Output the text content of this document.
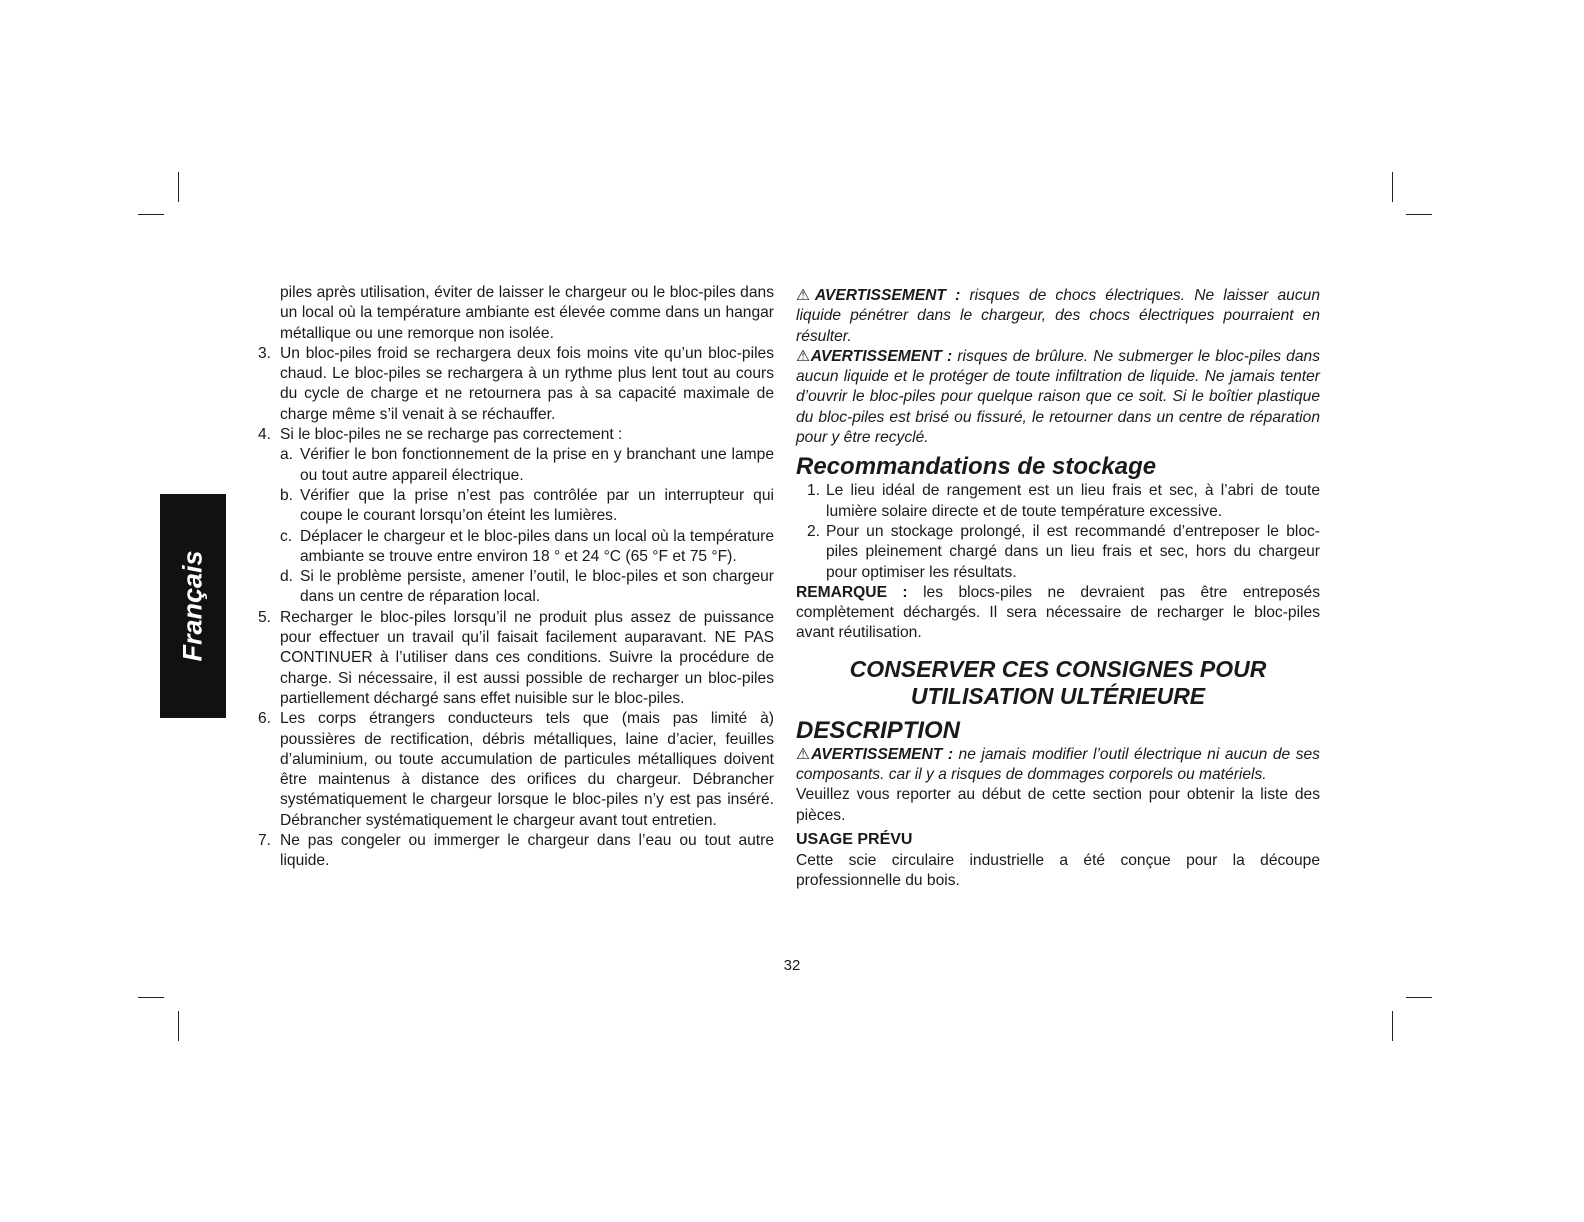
Français
piles après utilisation, éviter de laisser le chargeur ou le bloc-piles dans un local où la température ambiante est élevée comme dans un hangar métallique ou une remorque non isolée.
3. Un bloc-piles froid se rechargera deux fois moins vite qu’un bloc-piles chaud. Le bloc-piles se rechargera à un rythme plus lent tout au cours du cycle de charge et ne retournera pas à sa capacité maximale de charge même s’il venait à se réchauffer.
4. Si le bloc-piles ne se recharge pas correctement :
a. Vérifier le bon fonctionnement de la prise en y branchant une lampe ou tout autre appareil électrique.
b. Vérifier que la prise n’est pas contrôlée par un interrupteur qui coupe le courant lorsqu’on éteint les lumières.
c. Déplacer le chargeur et le bloc-piles dans un local où la température ambiante se trouve entre environ 18 ° et 24 °C (65 °F et 75 °F).
d. Si le problème persiste, amener l’outil, le bloc-piles et son chargeur dans un centre de réparation local.
5. Recharger le bloc-piles lorsqu’il ne produit plus assez de puissance pour effectuer un travail qu’il faisait facilement auparavant. NE PAS CONTINUER à l’utiliser dans ces conditions. Suivre la procédure de charge. Si nécessaire, il est aussi possible de recharger un bloc-piles partiellement déchargé sans effet nuisible sur le bloc-piles.
6. Les corps étrangers conducteurs tels que (mais pas limité à) poussières de rectification, débris métalliques, laine d’acier, feuilles d’aluminium, ou toute accumulation de particules métalliques doivent être maintenus à distance des orifices du chargeur. Débrancher systématiquement le chargeur lorsque le bloc-piles n’y est pas inséré. Débrancher systématiquement le chargeur avant tout entretien.
7. Ne pas congeler ou immerger le chargeur dans l’eau ou tout autre liquide.
⚠AVERTISSEMENT : risques de chocs électriques. Ne laisser aucun liquide pénétrer dans le chargeur, des chocs électriques pourraient en résulter.
⚠AVERTISSEMENT : risques de brûlure. Ne submerger le bloc-piles dans aucun liquide et le protéger de toute infiltration de liquide. Ne jamais tenter d’ouvrir le bloc-piles pour quelque raison que ce soit. Si le boîtier plastique du bloc-piles est brisé ou fissuré, le retourner dans un centre de réparation pour y être recyclé.
Recommandations de stockage
1. Le lieu idéal de rangement est un lieu frais et sec, à l’abri de toute lumière solaire directe et de toute température excessive.
2. Pour un stockage prolongé, il est recommandé d’entreposer le bloc-piles pleinement chargé dans un lieu frais et sec, hors du chargeur pour optimiser les résultats.
REMARQUE : les blocs-piles ne devraient pas être entreposés complètement déchargés. Il sera nécessaire de recharger le bloc-piles avant réutilisation.
CONSERVER CES CONSIGNES POUR
UTILISATION ULTÉRIEURE
DESCRIPTION
⚠AVERTISSEMENT : ne jamais modifier l’outil électrique ni aucun de ses composants. car il y a risques de dommages corporels ou matériels.
Veuillez vous reporter au début de cette section pour obtenir la liste des pièces.
USAGE PRÉVU
Cette scie circulaire industrielle a été conçue pour la découpe professionnelle du bois.
32
